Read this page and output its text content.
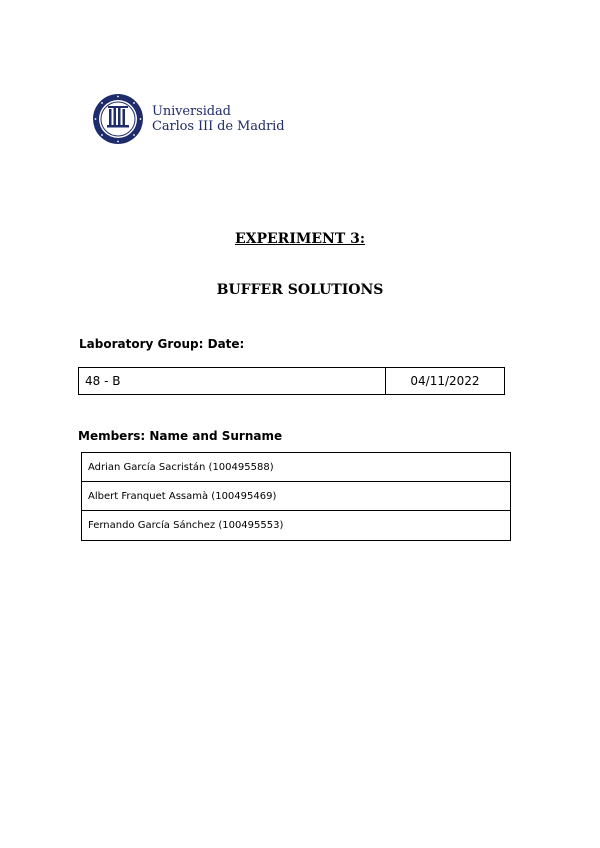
Universidad
Carlos III de Madrid
EXPERIMENT 3:
BUFFER SOLUTIONS
Laboratory Group: Date:
48 - B	04/11/2022
Members: Name and Surname
Adrian García Sacristán (100495588)
Albert Franquet Assamà (100495469)
Fernando García Sánchez (100495553)
